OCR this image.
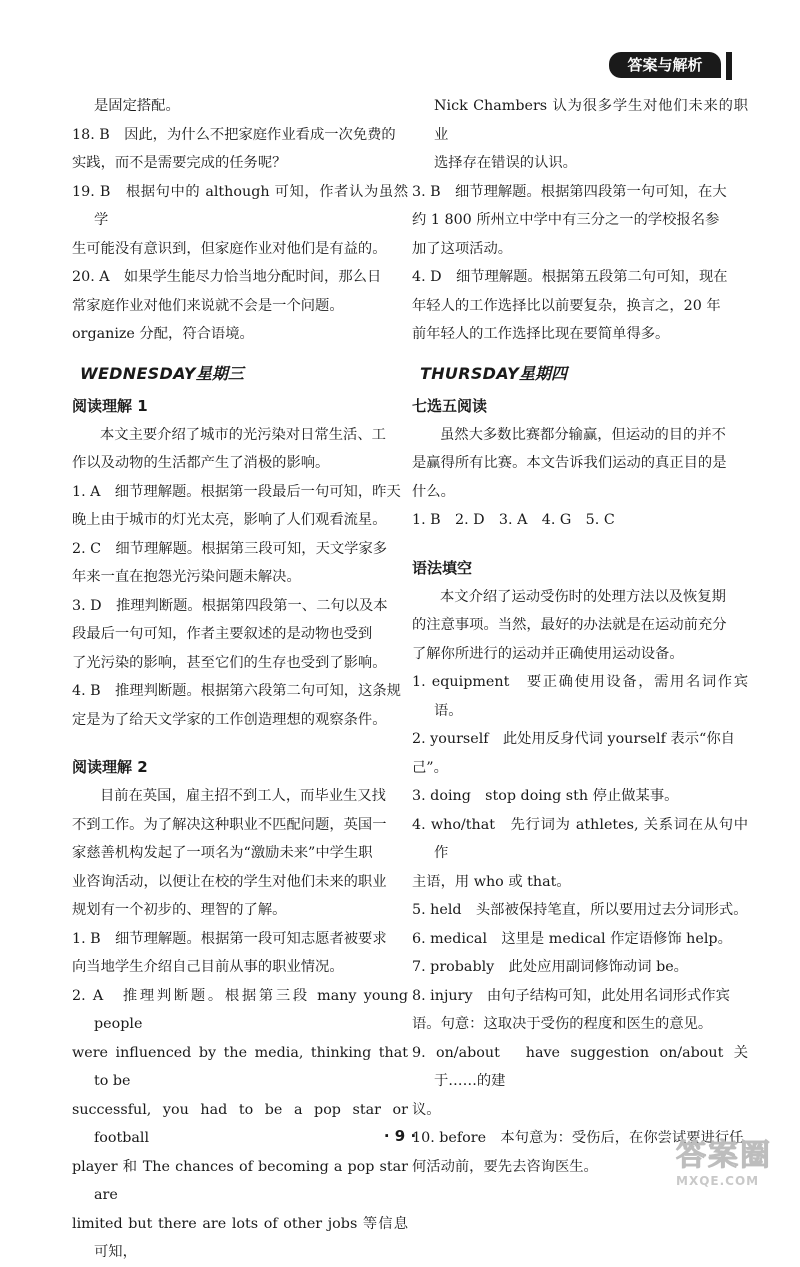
答案与解析

是固定搭配。

18. B　因此，为什么不把家庭作业看成一次免费的
实践，而不是需要完成的任务呢？
19. B　根据句中的 although 可知，作者认为虽然学
生可能没有意识到，但家庭作业对他们是有益的。
20. A　如果学生能尽力恰当地分配时间，那么日
常家庭作业对他们来说就不会是一个问题。
organize 分配，符合语境。
WEDNESDAY星期三

阅读理解 1

本文主要介绍了城市的光污染对日常生活、工
作以及动物的生活都产生了消极的影响。
1. A　细节理解题。根据第一段最后一句可知，昨天
晚上由于城市的灯光太亮，影响了人们观看流星。
2. C　细节理解题。根据第三段可知，天文学家多
年来一直在抱怨光污染问题未解决。
3. D　推理判断题。根据第四段第一、二句以及本
段最后一句可知，作者主要叙述的是动物也受到
了光污染的影响，甚至它们的生存也受到了影响。
4. B　推理判断题。根据第六段第二句可知，这条规
定是为了给天文学家的工作创造理想的观察条件。

阅读理解 2

目前在英国，雇主招不到工人，而毕业生又找
不到工作。为了解决这种职业不匹配问题，英国一
家慈善机构发起了一项名为“激励未来”中学生职
业咨询活动，以便让在校的学生对他们未来的职业
规划有一个初步的、理智的了解。
1. B　细节理解题。根据第一段可知志愿者被要求
向当地学生介绍自己目前从事的职业情况。
2. A　推理判断题。根据第三段 many young people
were influenced by the media, thinking that to be
successful, you had to be a pop star or football
player 和 The chances of becoming a pop star are
limited but there are lots of other jobs 等信息可知，
Nick Chambers 认为很多学生对他们未来的职业
选择存在错误的认识。
3. B　细节理解题。根据第四段第一句可知，在大
约 1 800 所州立中学中有三分之一的学校报名参
加了这项活动。
4. D　细节理解题。根据第五段第二句可知，现在
年轻人的工作选择比以前要复杂，换言之，20 年
前年轻人的工作选择比现在要简单得多。
THURSDAY星期四

七选五阅读

虽然大多数比赛都分输赢，但运动的目的并不
是赢得所有比赛。本文告诉我们运动的真正目的是
什么。

1. B　2. D　3. A　4. G　5. C

语法填空

本文介绍了运动受伤时的处理方法以及恢复期
的注意事项。当然，最好的办法就是在运动前充分
了解你所进行的运动并正确使用运动设备。
1. equipment　要正确使用设备，需用名词作宾语。
2. yourself　此处用反身代词 yourself 表示“你自
己”。
3. doing　stop doing sth 停止做某事。
4. who/that　先行词为 athletes, 关系词在从句中作
主语，用 who 或 that。
5. held　头部被保持笔直，所以要用过去分词形式。
6. medical　这里是 medical 作定语修饰 help。
7. probably　此处应用副词修饰动词 be。
8. injury　由句子结构可知，此处用名词形式作宾
语。句意：这取决于受伤的程度和医生的意见。
9. on/about　have suggestion on/about 关于……的建
议。
10. before　本句意为：受伤后，在你尝试要进行任
何活动前，要先去咨询医生。
· 9 ·
答案圈
MXQE.COM
